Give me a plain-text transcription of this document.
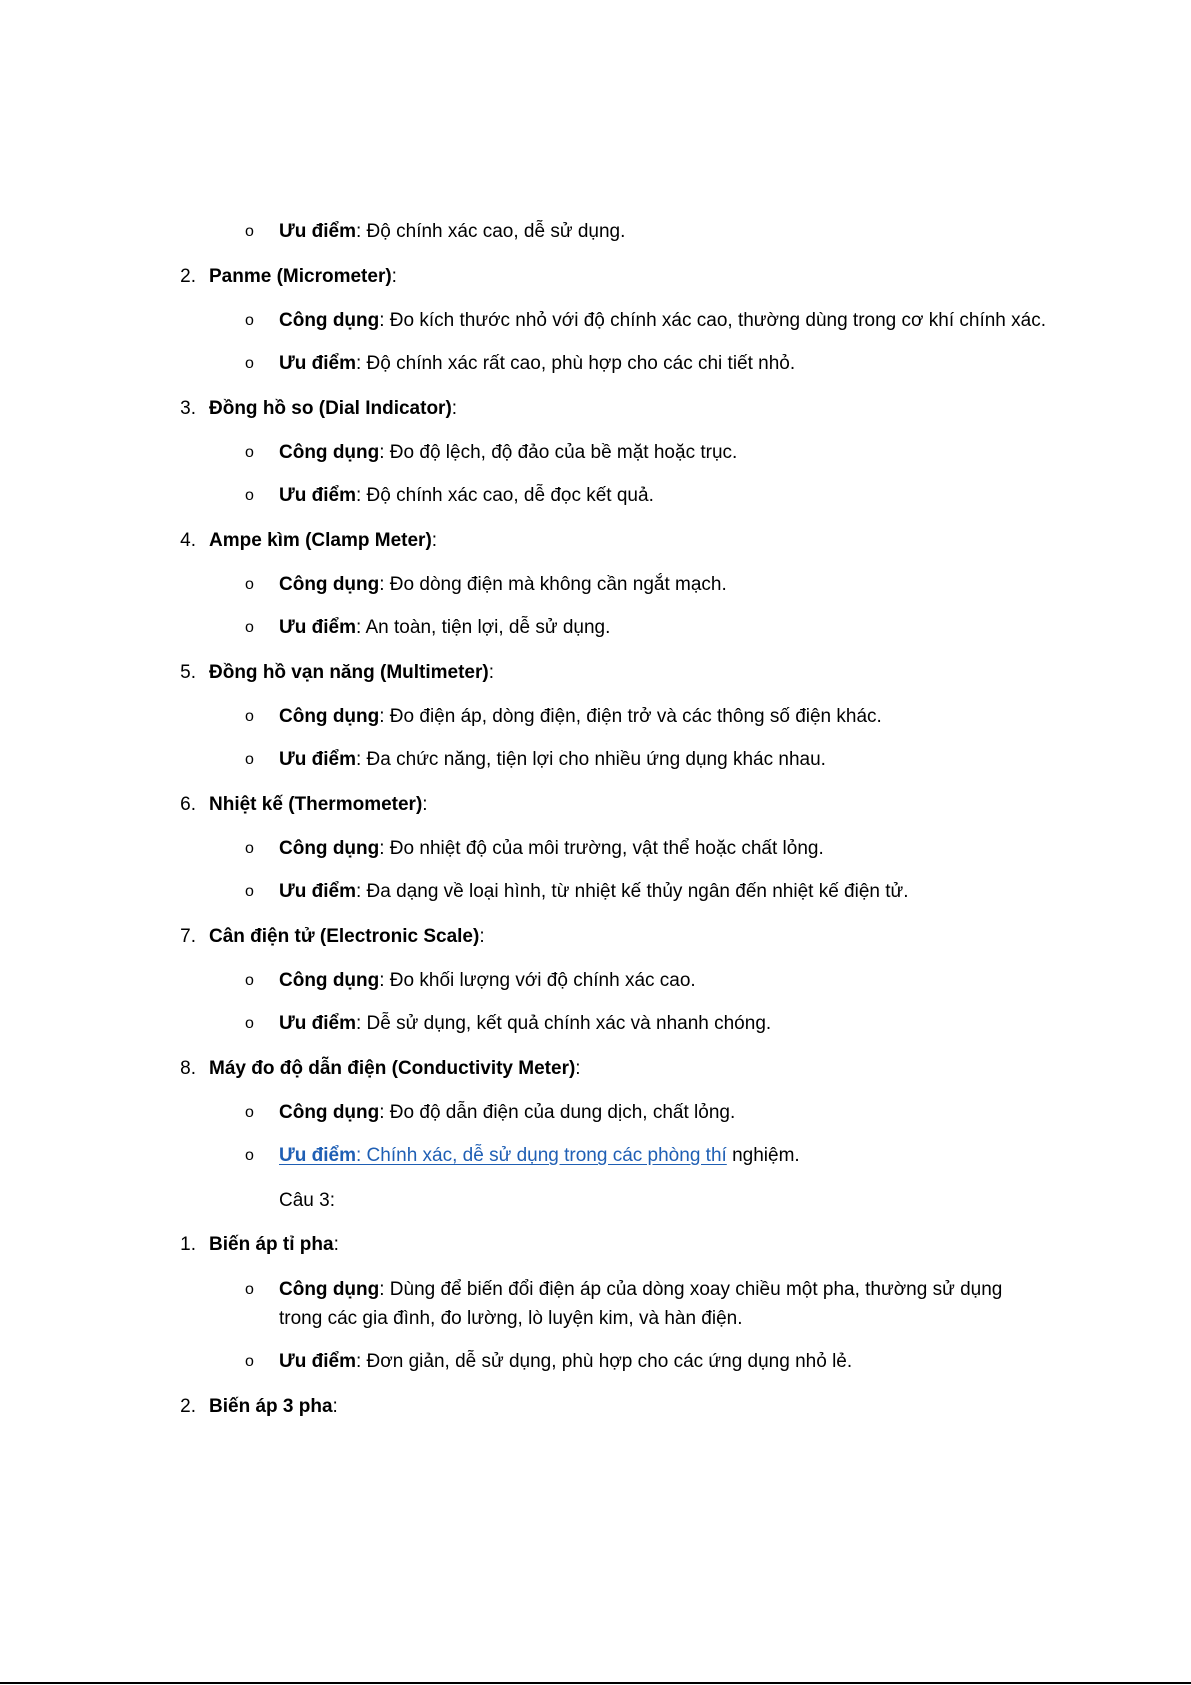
o Ưu điểm: Độ chính xác cao, dễ sử dụng.
2. Panme (Micrometer):
o Công dụng: Đo kích thước nhỏ với độ chính xác cao, thường dùng trong cơ khí chính xác.
o Ưu điểm: Độ chính xác rất cao, phù hợp cho các chi tiết nhỏ.
3. Đồng hồ so (Dial Indicator):
o Công dụng: Đo độ lệch, độ đảo của bề mặt hoặc trục.
o Ưu điểm: Độ chính xác cao, dễ đọc kết quả.
4. Ampe kìm (Clamp Meter):
o Công dụng: Đo dòng điện mà không cần ngắt mạch.
o Ưu điểm: An toàn, tiện lợi, dễ sử dụng.
5. Đồng hồ vạn năng (Multimeter):
o Công dụng: Đo điện áp, dòng điện, điện trở và các thông số điện khác.
o Ưu điểm: Đa chức năng, tiện lợi cho nhiều ứng dụng khác nhau.
6. Nhiệt kế (Thermometer):
o Công dụng: Đo nhiệt độ của môi trường, vật thể hoặc chất lỏng.
o Ưu điểm: Đa dạng về loại hình, từ nhiệt kế thủy ngân đến nhiệt kế điện tử.
7. Cân điện tử (Electronic Scale):
o Công dụng: Đo khối lượng với độ chính xác cao.
o Ưu điểm: Dễ sử dụng, kết quả chính xác và nhanh chóng.
8. Máy đo độ dẫn điện (Conductivity Meter):
o Công dụng: Đo độ dẫn điện của dung dịch, chất lỏng.
o Ưu điểm: Chính xác, dễ sử dụng trong các phòng thí nghiệm.
Câu 3:
1. Biến áp tỉ pha:
o Công dụng: Dùng để biến đổi điện áp của dòng xoay chiều một pha, thường sử dụng
trong các gia đình, đo lường, lò luyện kim, và hàn điện.
o Ưu điểm: Đơn giản, dễ sử dụng, phù hợp cho các ứng dụng nhỏ lẻ.
2. Biến áp 3 pha:
